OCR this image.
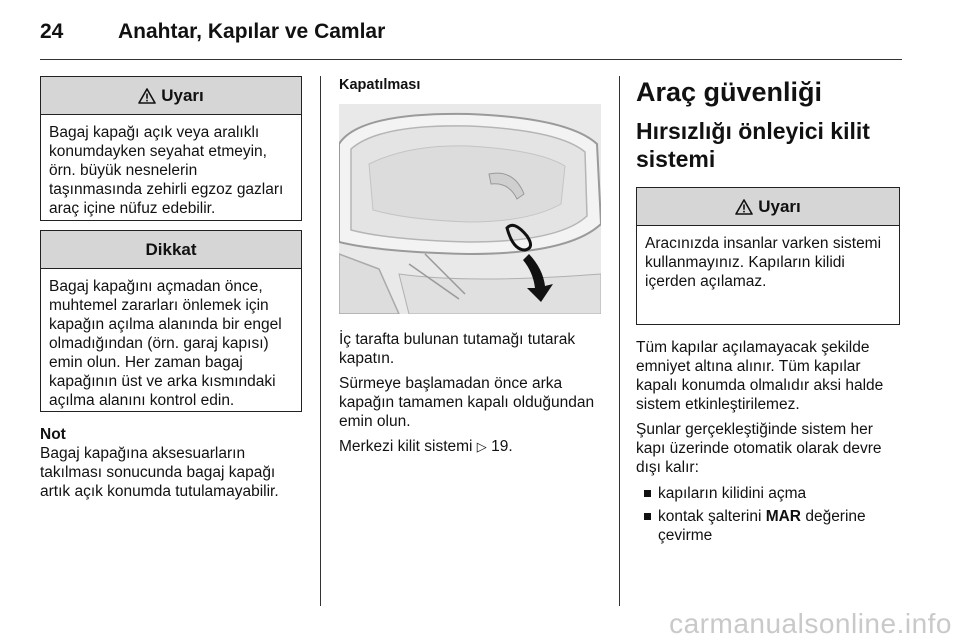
24	Anahtar, Kapılar ve Camlar
Uyarı
Bagaj kapağı açık veya aralıklı konumdayken seyahat etmeyin, örn. büyük nesnelerin taşınmasında zehirli egzoz gazları araç içine nüfuz edebilir.
Dikkat
Bagaj kapağını açmadan önce, muhtemel zararları önlemek için kapağın açılma alanında bir engel olmadığından (örn. garaj kapısı) emin olun. Her zaman bagaj kapağının üst ve arka kısmındaki açılma alanını kontrol edin.
Not

Bagaj kapağına aksesuarların takılması sonucunda bagaj kapağı artık açık konumda tutulamayabilir.

Kapatılması

İç tarafta bulunan tutamağı tutarak kapatın.

Sürmeye başlamadan önce arka kapağın tamamen kapalı olduğundan emin olun.

Merkezi kilit sistemi ▷ 19.

Araç güvenliği
Hırsızlığı önleyici kilit sistemi
Uyarı
Aracınızda insanlar varken sistemi kullanmayınız. Kapıların kilidi içerden açılamaz.

Tüm kapılar açılamayacak şekilde emniyet altına alınır. Tüm kapılar kapalı konumda olmalıdır aksi halde sistem etkinleştirilemez.

Şunlar gerçekleştiğinde sistem her kapı üzerinde otomatik olarak devre dışı kalır:

kapıların kilidini açma
kontak şalterini MAR değerine çevirme
carmanualsonline.info
